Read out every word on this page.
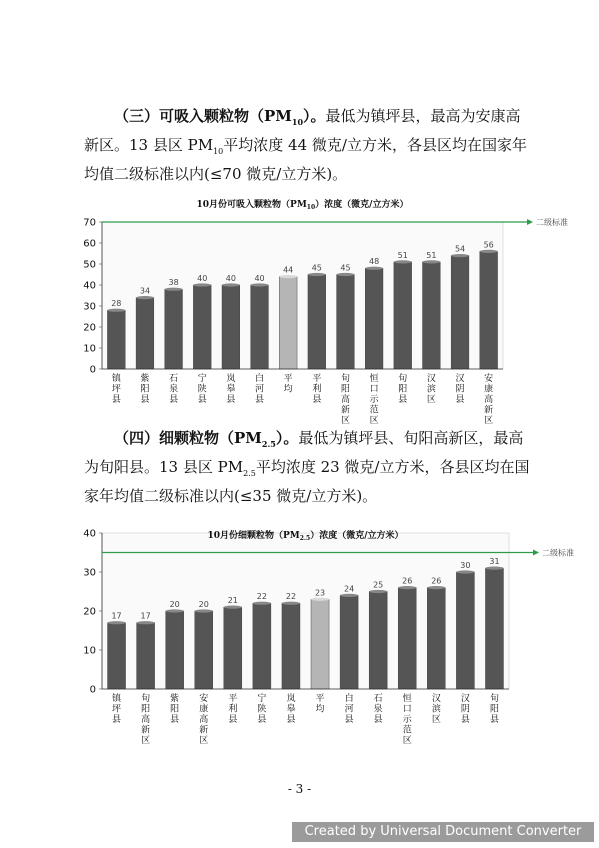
  （三）可吸入颗粒物$(PM_{10})$。最低为镇坪县，最高为安康高新区。13 县区 $PM_{10}$平均浓度 44 微克/立方米，各县区均在国家年均值二级标准以内(≤70 微克/立方米)。

0
10
20
30
40
50
60
70
10月份可吸入颗粒物$(PM_{10})$浓度（微克/立方米）
28
镇坪县
34
紫阳县
38
石泉县
40
宁陕县
40
岚皋县
40
白河县
44
平均
45
平利县
45
旬阳高新区
48
恒口示范区
51
旬阳县
51
汉滨区
54
汉阴县
56
安康高新区
二级标准

  （四）细颗粒物$(PM_{2.5})$。最低为镇坪县、旬阳高新区，最高为旬阳县。13 县区 $PM_{2.5}$平均浓度 23 微克/立方米，各县区均在国家年均值二级标准以内(≤35 微克/立方米)。

0
10
20
30
40	10月份细颗粒物$(PM_{2.5})$浓度（微克/立方米）
17
镇坪县
17
旬阳高新区
20
紫阳县
20
安康高新区
21
平利县
22
宁陕县
22
岚皋县
23
平均
24
白河县
25
石泉县
26
恒口示范区
26
汉滨区
30
汉阴县
31
旬阳县
二级标准
- 3 -
Created by Universal Document Converter
